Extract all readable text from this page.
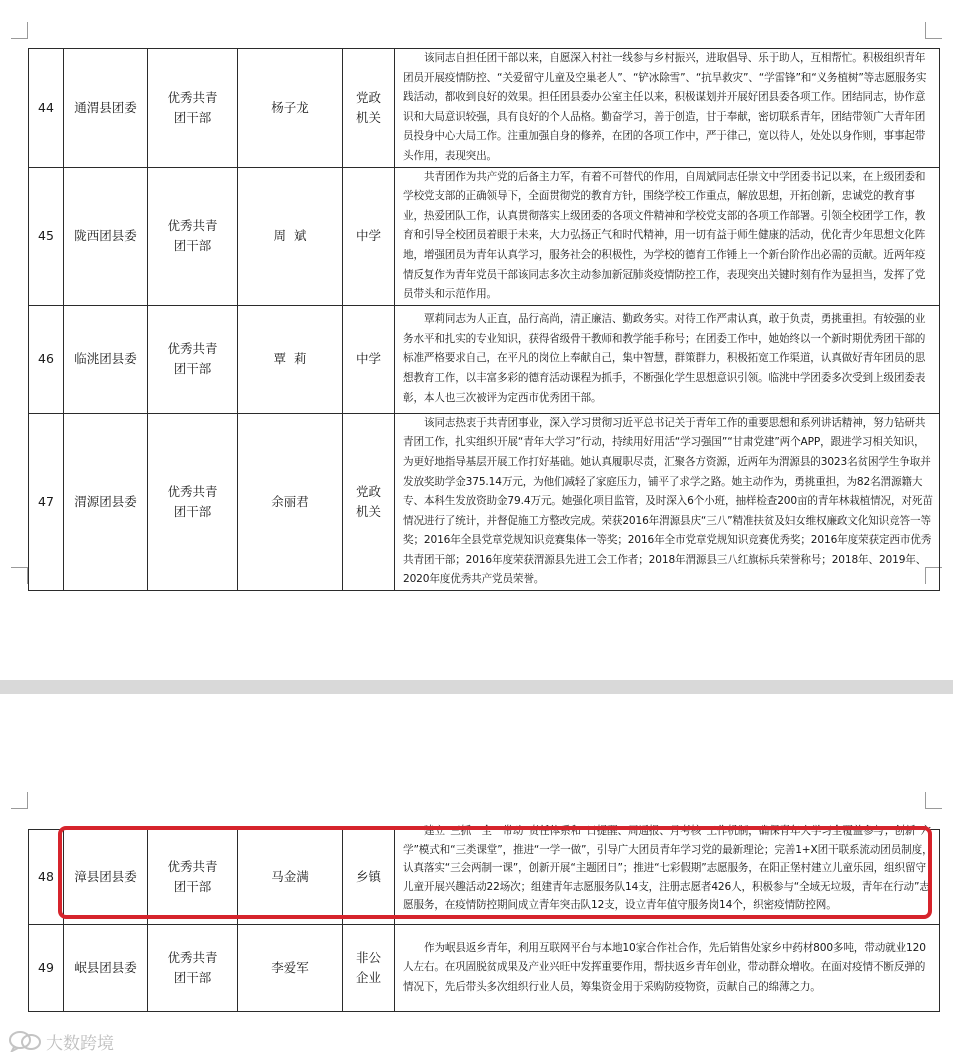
44	通渭县团委	优秀共青团干部	杨子龙	党政机关	该同志自担任团干部以来，自愿深入村社一线参与乡村振兴，进取倡导、乐于助人，互相帮忙。积极组织青年团员开展疫情防控、“关爱留守儿童及空巢老人”、“铲冰除雪”、“抗旱救灾”、“学雷锋”和“义务植树”等志愿服务实践活动，都收到良好的效果。担任团县委办公室主任以来，积极谋划并开展好团县委各项工作。团结同志，协作意识和大局意识较强，具有良好的个人品格。勤奋学习，善于创造，甘于奉献，密切联系青年，团结带领广大青年团员投身中心大局工作。注重加强自身的修养，在团的各项工作中，严于律己，宽以待人，处处以身作则，事事起带头作用，表现突出。
45	陇西团县委	优秀共青团干部	周  斌	中学	共青团作为共产党的后备主力军，有着不可替代的作用，自周斌同志任崇文中学团委书记以来，在上级团委和学校党支部的正确领导下，全面贯彻党的教育方针，围绕学校工作重点，解放思想，开拓创新，忠诚党的教育事业，热爱团队工作，认真贯彻落实上级团委的各项文件精神和学校党支部的各项工作部署。引领全校团学工作，教育和引导全校团员着眼于未来，大力弘扬正气和时代精神，用一切有益于师生健康的活动，优化青少年思想文化阵地，增强团员为青年认真学习，服务社会的积极性，为学校的德育工作锤上一个新台阶作出必需的贡献。近两年疫情反复作为青年党员干部该同志多次主动参加新冠肺炎疫情防控工作，表现突出关键时刻有作为显担当，发挥了党员带头和示范作用。
46	临洮团县委	优秀共青团干部	覃  莉	中学	覃莉同志为人正直，品行高尚，清正廉洁、勤政务实。对待工作严肃认真，敢于负责，勇挑重担。有较强的业务水平和扎实的专业知识，获得省级骨干教师和教学能手称号；在团委工作中，她始终以一个新时期优秀团干部的标准严格要求自己，在平凡的岗位上奉献自己，集中智慧，群策群力，积极拓宽工作渠道，认真做好青年团员的思想教育工作，以丰富多彩的德育活动课程为抓手，不断强化学生思想意识引领。临洮中学团委多次受到上级团委表彰，本人也三次被评为定西市优秀团干部。
47	渭源团县委	优秀共青团干部	余丽君	党政机关	该同志热衷于共青团事业，深入学习贯彻习近平总书记关于青年工作的重要思想和系列讲话精神，努力钻研共青团工作，扎实组织开展“青年大学习”行动，持续用好用活“学习强国”“甘肃党建”两个APP，跟进学习相关知识，为更好地指导基层开展工作打好基础。她认真履职尽责，汇聚各方资源，近两年为渭源县的3023名贫困学生争取并发放奖助学金375.14万元，为他们减轻了家庭压力，铺平了求学之路。她主动作为，勇挑重担，为82名渭源籍大专、本科生发放资助金79.4万元。她强化项目监管，及时深入6个小班，抽样检查200亩的青年林栽植情况，对死苗情况进行了统计，并督促施工方整改完成。荣获2016年渭源县庆“三八”精准扶贫及妇女维权廉政文化知识竞答一等奖；2016年全县党章党规知识竞赛集体一等奖；2016年全市党章党规知识竞赛优秀奖；2016年度荣获定西市优秀共青团干部；2016年度荣获渭源县先进工会工作者；2018年渭源县三八红旗标兵荣誉称号；2018年、2019年、2020年度优秀共产党员荣誉。
48	漳县团县委	优秀共青团干部	马金满	乡镇	建立“三抓一全一带动”责任体系和“日提醒、周通报、月考核”工作机制，确保青年大学习全覆盖参与；创新“六学”模式和“三类课堂”，推进“一学一做”，引导广大团员青年学习党的最新理论；完善1+X团干联系流动团员制度，认真落实“三会两制一课”，创新开展“主题团日”；推进“七彩假期”志愿服务，在阳正堡村建立儿童乐园，组织留守儿童开展兴趣活动22场次；组建青年志愿服务队14支，注册志愿者426人，积极参与“全域无垃圾，青年在行动”志愿服务，在疫情防控期间成立青年突击队12支，设立青年值守服务岗14个，织密疫情防控网。

49	岷县团县委	优秀共青团干部	李爱军	非公企业	作为岷县返乡青年，利用互联网平台与本地10家合作社合作，先后销售处家乡中药材800多吨，带动就业120人左右。在巩固脱贫成果及产业兴旺中发挥重要作用，帮扶返乡青年创业，带动群众增收。在面对疫情不断反弹的情况下，先后带头多次组织行业人员，筹集资金用于采购防疫物资，贡献自己的绵薄之力。
大数跨境
